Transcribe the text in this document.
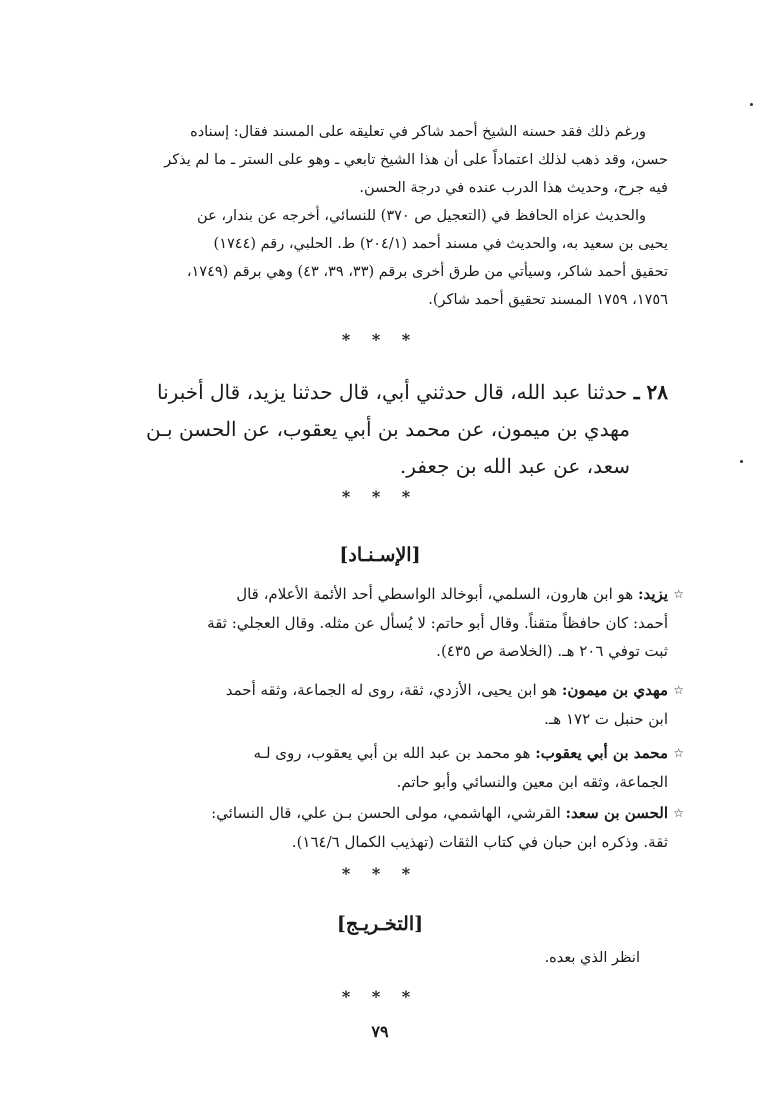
ورغم ذلك فقد حسنه الشيخ أحمد شاكر في تعليقه على المسند فقال: إسناده

حسن، وقد ذهب لذلك اعتماداً على أن هذا الشيخ تابعي ـ وهو على الستر ـ ما لم يذكر

فيه جرح، وحديث هذا الدرب عنده في درجة الحسن.

والحديث عزاه الحافظ في (التعجيل ص ٣٧٠) للنسائي، أخرجه عن بندار، عن

يحيى بن سعيد به، والحديث في مسند أحمد (٢٠٤/١) ط. الحلبي، رقم (١٧٤٤)

تحقيق أحمد شاكر، وسيأتي من طرق أخرى برقم (٣٣، ٣٩، ٤٣) وهي برقم (١٧٤٩،

١٧٥٦، ١٧٥٩ المسند تحقيق أحمد شاكر).

* * *

٢٨ ـ حدثنا عبد الله، قال حدثني أبي، قال حدثنا يزيد، قال أخبرنا

مهدي بن ميمون، عن محمد بن أبي يعقوب، عن الحسن بـن

سعد، عن عبد الله بن جعفر.

* * *
[الإسـنـاد]

☆يزيد: هو ابن هارون، السلمي، أبوخالد الواسطي أحد الأئمة الأعلام، قال

أحمد: كان حافظاً متقناً. وقال أبو حاتم: لا يُسأل عن مثله. وقال العجلي: ثقة

ثبت توفي ٢٠٦ هـ. (الخلاصة ص ٤٣٥).

☆مهدي بن ميمون: هو ابن يحيى، الأزدي، ثقة، روى له الجماعة، وثقه أحمد

ابن حنبل ت ١٧٢ هـ.

☆محمد بن أبي يعقوب: هو محمد بن عبد الله بن أبي يعقوب، روى لـه

الجماعة، وثقه ابن معين والنسائي وأبو حاتم.

☆الحسن بن سعد: القرشي، الهاشمي، مولى الحسن بـن علي، قال النسائي:

ثقة. وذكره ابن حبان في كتاب الثقات (تهذيب الكمال ١٦٤/٦).

* * *
[التخـريـج]
انظر الذي بعده.
* * *
٧٩
